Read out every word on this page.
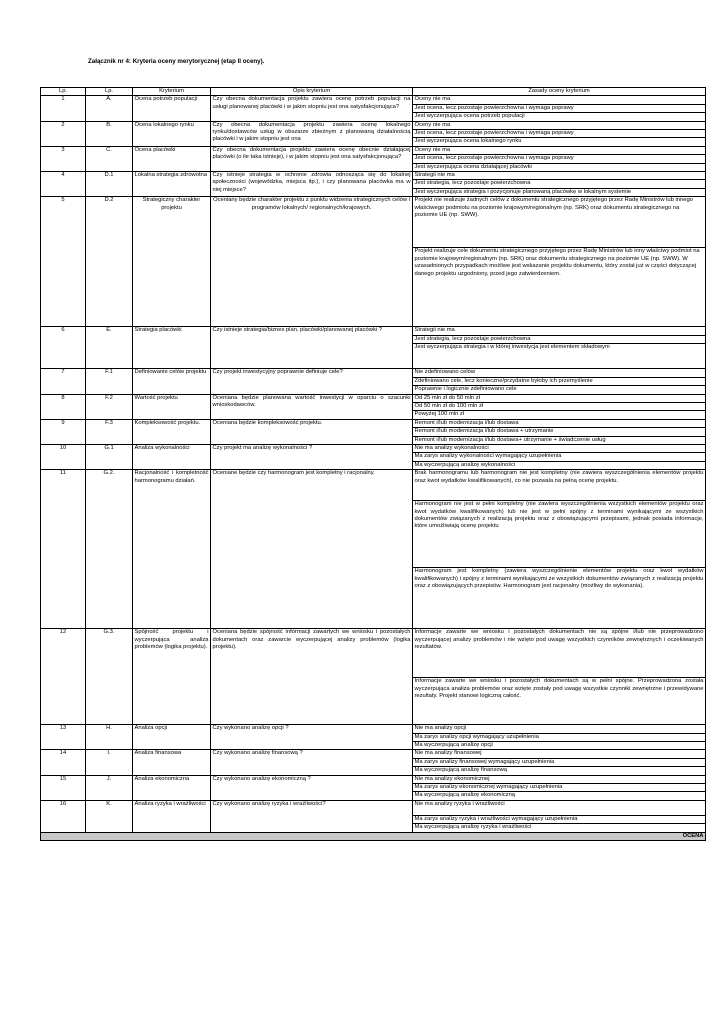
Załącznik nr 4: Kryteria oceny merytorycznej (etap II oceny).
Lp.	Lp.	Kryterium	Opis kryterium	Zasady oceny kryterium
1	A.	Ocena potrzeb populacji	Czy obecna dokumentacja projektu zawiera ocenę potrzeb populacji na usługi planowanej placówki i w jakim stopniu jest ona satysfakcjonująca?	Oceny nie ma
Jest ocena, lecz pozostaje powierzchowna i wymaga poprawy
Jest wyczerpująca ocena potrzeb populacji

2	B.	Ocena lokalnego rynku	Czy obecna dokumentacja projektu zawiera ocenę lokalnego rynku/dostawców usług w obszarze zbieżnym z planowaną działalnością placówki i w jakim stopniu jest ona	Oceny nie ma
Jest ocena, lecz pozostaje powierzchowna i wymaga poprawy
Jest wyczerpująca ocena lokalnego rynku

3	C.	Ocena placówki	Czy obecna dokumentacja projektu zawiera ocenę obecnie działającej placówki (o ile taka istnieje), i w jakim stopniu jest ona satysfakcjonująca?	Oceny nie ma
Jest ocena, lecz pozostaje powierzchowna i wymaga poprawy
Jest wyczerpująca ocena działającej placówki

4	D.1	Lokalna strategia zdrowotna	Czy istnieje strategia w ochronie zdrowia odnosząca się do lokalnej społeczności (wojewódzka, miejsca itp.), i czy planowana placówka ma w niej miejsce?	Strategii nie ma
Jest strategia, lecz pozostaje powierzchowna
Jest wyczerpująca strategia i pozycjonuje planowaną placówkę w lokalnym systemie

5	D.2	Strategiczny charakter projektu	Oceniany będzie charakter projektu z punktu widzenia strategicznych celów i programów lokalnych/ regionalnych/krajowych.	Projekt nie realizuje żadnych celów z dokumentu strategicznego przyjętego przez Radę Ministrów lub innego właściwego podmiotu na poziomie krajowym/regionalnym (np. SRK) oraz dokumentu strategicznego na poziomie UE (np. SWW).
Projekt realizuje cele dokumentu strategicznego przyjętego przez Radę Ministrów lub inny właściwy podmiot na poziomie krajowym/regionalnym (np. SRK) oraz dokumentu strategicznego na poziomie UE (np. SWW). W uzasadnionych przypadkach możliwe jest wskazanie projektu dokumentu, który został już w części dotyczącej danego projektu uzgodniony, przed jego zatwierdzeniem.

6	E.	Strategia placówki	Czy istnieje strategia/biznes plan, placówki/planowanej placówki ?	Strategii nie ma
Jest strategia, lecz pozostaje powierzchowna
Jest wyczerpująca strategia i w której inwestycja jest elementem składowym

7	F.1	Definiowanie celów projektu	Czy projekt inwestycyjny poprawnie definiuje cele?	Nie zdefiniowano celów
Zdefiniowano cele, lecz konieczne/przydatne byłoby ich przemyślenie
Poprawnie i logicznie zdefiniowano cele

8	F.2	Wartość projektu	Oceniana będzie planowana wartość inwestycji w oparciu o szacunki wnioskodawców.	Od 25 mln zł do 50 mln zł
Od 50 mln zł do 100 mln zł
Powyżej 100 mln zł

9	F.3	Kompleksowość projektu.	Oceniana będzie kompleksowość projektu.	Remont i/lub modernizacja i/lub dostawa
Remont i/lub modernizacja i/lub dostawa + utrzymanie
Remont i/lub modernizacja i/lub dostawa+ utrzymanie + świadczenie usług

10	G.1	Analiza wykonalności	Czy projekt ma analizę wykonalności ?	Nie ma analizy wykonalności
Ma zarys analizy wykonalności wymagający uzupełnienia
Ma wyczerpującą analizę wykonalności

11	G.2.	Racjonalność i kompletność harmonogramu działań.	Oceniane będzie czy harmonogram jest kompletny i racjonalny.	Brak harmonogramu lub harmonogram nie jest kompletny (nie zawiera wyszczególnienia elementów projektu oraz kwot wydatków kwalifikowanych), co nie pozwala na pełną ocenę projektu.
Harmonogram nie jest w pełni kompletny (nie zawiera wyszczególnienia wszystkich elementów projektu oraz kwot wydatków kwalifikowanych) lub nie jest w pełni spójny z terminami wynikającymi ze wszystkich dokumentów związanych z realizacją projektu oraz z obowiązującymi przepisami, jednak posiada informacje, które umożliwiają ocenę projektu
Harmonogram jest kompletny (zawiera wyszczególnienie elementów projektu oraz kwot wydatków kwalifikowanych) i spójny z terminami wynikającymi ze wszystkich dokumentów związanych z realizacją projektu oraz z obowiązujących przepisów. Harmonogram jest racjonalny (możliwy do wykonania).

12	G.3.	Spójność projektu i wyczerpująca analiza problemów (logika projektu).	Oceniana będzie spójność informacji zawartych we wniosku i pozostałych dokumentach oraz zawarcie wyczerpującej analizy problemów (logika projektu).	Informacje zawarte we wniosku i pozostałych dokumentach nie są spójne i/lub nie przeprowadzono wyczerpującej analizy problemów i nie wzięto pod uwagę wszystkich czynników zewnętrznych i oczekiwanych rezultatów.
Informacje zawarte we wniosku i pozostałych dokumentach są w pełni spójne. Przeprowadzona została wyczerpująca analiza problemów oraz wzięte zostały pod uwagę wszystkie czynniki zewnętrzne i przewidywane rezultaty. Projekt stanowi logiczną całość.

13	H.	Analiza opcji	Czy wykonano analizę opcji ?	Nie ma analizy opcji
Ma zarys analizy opcji wymagający uzupełnienia
Ma wyczerpującą analizę opcji

14	I.	Analiza finansowa	Czy wykonano analizę finansową ?	Nie ma analizy finansowej
Ma zarys analizy finansowej wymagający uzupełnienia
Ma wyczerpującą analizę finansową

15	J.	Analiza ekonomiczna	Czy wykonano analizę ekonomiczną ?	Nie ma analizy ekonomicznej
Ma zarys analizy ekonomicznej wymagający uzupełnienia
Ma wyczerpującą analizę ekonomiczną

16	K.	Analiza ryzyka i wrażliwości	Czy wykonano analizę ryzyka i wrażliwości?	Nie ma analizy ryzyka i wrażliwości
Ma zarys analizy ryzyka i wrażliwości wymagający uzupełnienia
Ma wyczerpującą analizę ryzyka i wrażliwości

OCENA				
